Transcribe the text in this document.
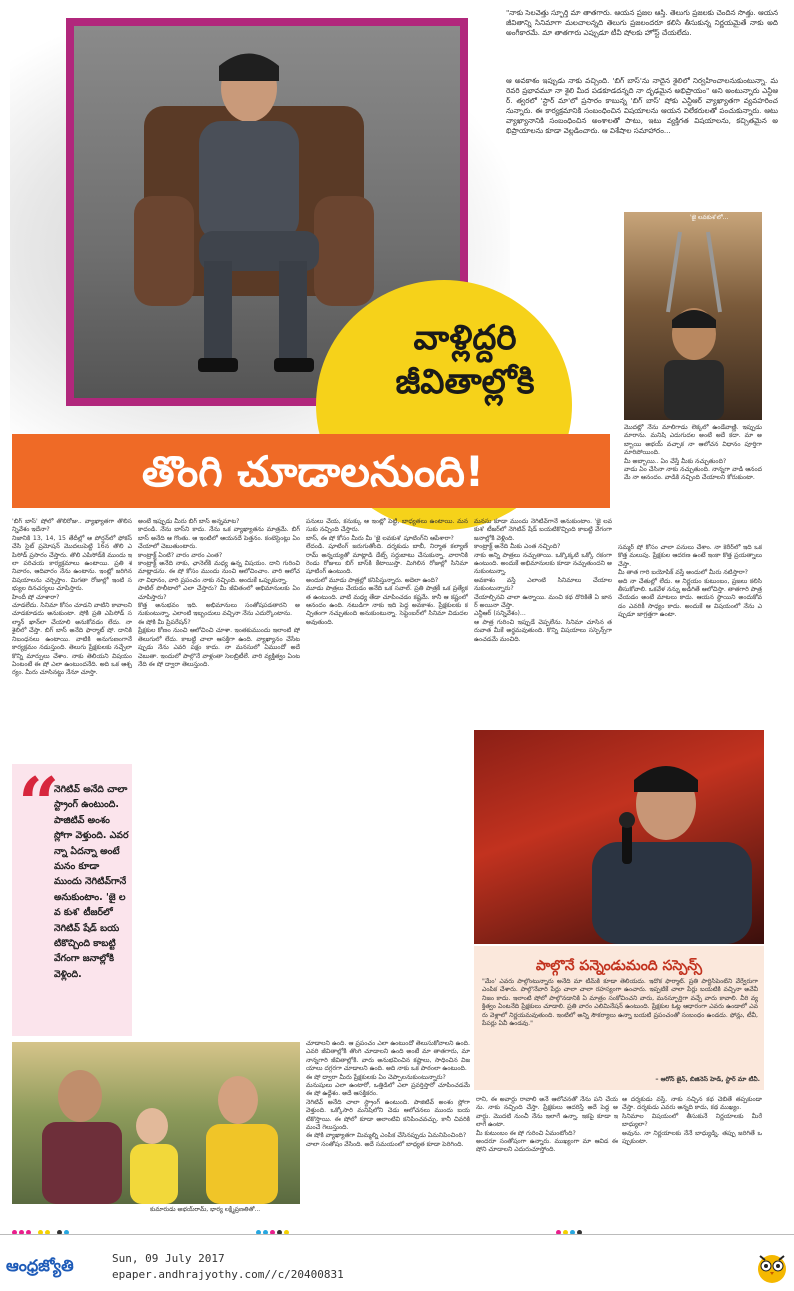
"నాకు సెలవెత్తు స్ఫూర్తి మా తాతగారు. ఆయన ప్రజల ఆస్తి. తెలుగు ప్రజలకు చెందిన సొత్తు. ఆయన జీవితాన్ని సినిమాగా మలచాలన్నది తెలుగు ప్రజలందరూ కలిసి తీసుకున్న నిర్ణయమైతే నాకు అది అంగీకారమే. మా తాతగారు ఎప్పుడూ టీవీ షోలకు హోస్ట్ చేయలేదు.
ఆ అవకాశం ఇప్పుడు నాకు వచ్చింది. 'బిగ్ బాస్'ను నాదైన శైలిలో నిర్వహించాలనుకుంటున్నా. మరెవరి ప్రభావమూ నా శైలి మీద పడకూడదన్నది నా దృఢమైన అభిప్రాయం" అని అంటున్నారు ఎన్టీఆర్. త్వరలో 'స్టార్ మా'లో ప్రసారం కాబున్న 'బిగ్ బాస్' షోకు ఎన్టీఆర్ వ్యాఖ్యాతగా వ్యవహరించనున్నారు. ఈ కార్యక్రమానికి సంబంధించిన విషయాలను ఆయన విలేకరులతో పంచుకున్నారు. ఆటు వ్యాఖ్యానానికి సంబంధించిన అంశాలతో పాటు, ఇటు వ్యక్తిగత విషయాలను, కచ్చితమైన అభిప్రాయాలను కూడా వెల్లడించారు. ఆ విశేషాల సమాహారం...
'జై లవకుశ'లో...
వాళ్లిద్దరి
జీవితాల్లోకి
తొంగి చూడాలనుంది!
'బిగ్ బాస్' షోలో తొలిరోజు.. వ్యాఖ్యాతగా తొలిసన్నివేశం ఇదేనా?
నిజానికి 13, 14, 15 తేదీల్లో ఆ పోర్షన్‌లో ఫోకస్ చేసి సైట్ ప్రమోషన్ మొదలుపెట్టి 16న తొలి ఎపిసోడ్ ప్రసారం చేస్తారు. తొలి ఎపిసోడ్‌కి ముందు ఇలా పరిచయ కార్యక్రమాలు ఉంటాయి. ప్రతి శనివారం, ఆదివారం నేను ఉంటాను. ఇంట్లో జరిగిన విషయాలను చర్చిస్తాం. మిగతా రోజుల్లో ఇంటి సభ్యుల దినచర్యలు చూపిస్తారు.
హిందీ షో చూశారా?
చూడలేదు. సినిమా కోసం చూడని వాటిని కావాలని చూడకూడదు అనుకుంటా. షోకి ప్రతి ఎపిసోడ్ సల్మాన్ ఖాన్‌లా చేయాలి అనుకోవడం లేదు. నా శైలిలో చేస్తా. బిగ్ బాస్ అనేది ఫార్మాట్ షో. దానికి నిబంధనలు ఉంటాయి. వాటికి అనుగుణంగానే కార్యక్రమం నడుస్తుంది. తెలుగు ప్రేక్షకులకు నచ్చేలా కొన్ని మార్పులు చేశాం. నాకు తెలియని విషయం ఏంటంటే ఈ షో ఎలా ఉంటుందనేది. అది ఒక ఆశ్చర్యం. మీరు చూసినట్టు నేనూ చూస్తా.
అంటే ఇప్పుడు మీరు బిగ్ బాస్ అన్నమాట?
కాదండి. నేను బాస్‌ని కాదు. నేను ఒక వ్యాఖ్యాతను మాత్రమే. బిగ్ బాస్ అనేది ఆ గొంతు. ఆ ఇంటిలో ఆయనదే పెత్తనం. కంటెస్టెంట్లు ఏం చేయాలో చెబుతుంటారు.
కాంట్రాక్ట్ ఏంటి? వారం వారం ఎంత?
కాంట్రాక్ట్ అనేది నాకు, ఛానెల్‌కి మధ్య ఉన్న విషయం. దాని గురించి మాట్లాడను. ఈ షో కోసం ముందు నుంచి ఆలోచించాం. వారి ఆలోచనా విధానం, వారి ప్రపంచం నాకు నచ్చింది. అందుకే ఒప్పుకున్నా.
పాటిల్ పొలీటాలో ఎలా చేస్తారు? మీ జీవితంలో అభిమానులకు ఏం చూపిస్తారు?
కొత్త అనుభవం ఇది. అభిమానులు సంతోషపడతారని అనుకుంటున్నా. ఎలాంటి ఇబ్బందులు వచ్చినా నేను ఎదుర్కొంటాను.
ఈ షోకి మీ ప్రిపరేషన్?
ప్రేక్షకుల కోణం నుంచి ఆలోచించి చూశా. ఇంతకుముందు ఇలాంటి షో తెలుగులో లేదు. కాబట్టి చాలా ఆసక్తిగా ఉంది. వ్యాఖ్యానం చేసేటప్పుడు నేను ఎవరి పక్షం కాదు. నా మనసులో ఏముందో అదే చెబుతా. ఇందులో పాల్గొనే వాళ్లంతా సెలబ్రిటీలే. వారి వ్యక్తిత్వం ఏంటనేది ఈ షో ద్వారా తెలుస్తుంది.
పనులు చేయ, కనుక్కు ఆ ఇంట్లో పెట్టి, బాధ్యతలు ఉంటాయి. మనసుకు నచ్చింది చేస్తారు.
బాస్, ఈ షో కోసం మీరు మీ 'జై లవకుశ' షూటింగ్‌ని ఆపేశారా?
లేదండి. షూటింగ్ జరుగుతోంది. దర్శకుడు బాబీ, నిర్మాత కల్యాణ్ రామ్ అన్నయ్యతో మాట్లాడి డేట్స్ సర్దుబాటు చేసుకున్నా. వారానికి రెండు రోజులు బిగ్ బాస్‌కి కేటాయిస్తా. మిగిలిన రోజుల్లో సినిమా షూటింగ్ ఉంటుంది.
అందులో మూడు పాత్రల్లో కనిపిస్తున్నారు. అదెలా ఉంది?
మూడు పాత్రలు చేయడం అనేది ఒక సవాల్. ప్రతి పాత్రకీ ఒక ప్రత్యేకత ఉంటుంది. వాటి మధ్య తేడా చూపించడం కష్టమే. కానీ ఆ కష్టంలో ఆనందం ఉంది. నటుడిగా నాకు ఇది పెద్ద అవకాశం. ప్రేక్షకులకు కచ్చితంగా నచ్చుతుంది అనుకుంటున్నా. సెప్టెంబర్‌లో సినిమా విడుదల అవుతుంది.
మనసు కూడా ముందు నెగిటివ్‌గానే అనుకుంటాం. 'జై లవకుశ' టీజర్‌లో నెగిటివ్ షేడ్ బయటికొచ్చింది కాబట్టి వేగంగా జనాల్లోకి వెళ్లింది.
కాంట్రాక్ట్ అనేది మీకు ఎంత నచ్చింది?
నాకు అన్ని పాత్రలు నచ్చుతాయి. ఒక్కొక్కటి ఒక్కో రకంగా ఉంటుంది. అందుకే అభిమానులకు కూడా నచ్చుతుందని అనుకుంటున్నా.
అవకాశం వస్తే ఎలాంటి సినిమాలు చేయాలనుకుంటున్నారు?
చేయాల్సినవి చాలా ఉన్నాయి. మంచి కథ దొరికితే ఏ జానర్ అయినా చేస్తా.
ఎన్టీఆర్ (సన్నివేశం)...
ఆ పాత్ర గురించి ఇప్పుడే చెప్పలేను. సినిమా చూసిన తరువాత మీకే అర్థమవుతుంది. కొన్ని విషయాలు సస్పెన్స్‌గా ఉంచడమే మంచిది.
మొదట్లో నేను మాలిగాడు లెక్కలో ఉండేవాణ్ణి. ఇప్పుడు మారాను. మనిషి ఎదుగుదల అంటే అదే కదా. మా అబ్బాయి అభయ్ వచ్చాక నా ఆలోచన విధానం పూర్తిగా మారిపోయింది.
మీ అబ్బాయి.. ఏం చేస్తే మీకు నచ్చుతుంది?
వాడు ఏం చేసినా నాకు నచ్చుతుంది. నాన్నగా వాడి ఆనందమే నా ఆనందం. వాడికి నచ్చింది చేయాలని కోరుకుంటా.
సమ్మర్ షో కోసం చాలా పనులు చేశాం. నా కెరీర్‌లో ఇది ఒక కొత్త మలుపు. ప్రేక్షకుల ఆదరణ ఉంటే ఇంకా కొత్త ప్రయత్నాలు చేస్తా.
మీ తాత గారి బయోపిక్ వస్తే అందులో మీరు నటిస్తారా?
అది నా చేతుల్లో లేదు. ఆ నిర్ణయం కుటుంబం, ప్రజలు కలిసి తీసుకోవాలి. ఒకవేళ నన్ను అడిగితే ఆలోచిస్తా. తాతగారి పాత్ర చేయడం అంటే మాటలు కాదు. ఆయన స్థాయిని అందుకోవడం ఎవరికీ సాధ్యం కాదు. అందుకే ఆ విషయంలో నేను ఎప్పుడూ జాగ్రత్తగా ఉంటా.
“
నెగిటివ్ అనేది చాలా స్ట్రాంగ్ ఉంటుంది. పాజిటివ్ అంశం స్లోగా వెళ్తుంది. ఎవరన్నా ఏదన్నా అంటే మనం కూడా ముందు నెగిటివ్‌గానే అనుకుంటాం. 'జై లవ కుశ' టీజర్‌లో నెగిటివ్ షేడ్ బయటికొచ్చింది కాబట్టి వేగంగా జనాల్లోకి వెళ్లింది.
పాల్గొనే పన్నెండుమంది సస్పెన్స్
"మేం' ఎవరు పాల్గొంటున్నారు అనేది మా టీమ్‌కి కూడా తెలియదు. ఇదొక ఫార్మాట్. ప్రతి పార్టిసిపెంట్‌ని వేర్వేరుగా ఎంపిక చేశారు. పాల్గొనేవారి పేర్లు చాలా చాలా రహస్యంగా ఉంచారు. ఇప్పటికే చాలా పేర్లు బయటికి వచ్చినా అవేవీ నిజం కాదు. ఇలాంటి షోలో పాల్గొనడానికి ఏ మాత్రం సంకోచించని వారు, మనస్ఫూర్తిగా వచ్చే వారు కావాలి. వీరి వ్యక్తిత్వం ఏంటనేది ప్రేక్షకులు చూడాలి. ప్రతి వారం ఎలిమినేషన్ ఉంటుంది. ప్రేక్షకుల ఓట్ల ఆధారంగా ఎవరు ఉండాలో ఎవరు వెళ్లాలో నిర్ణయమవుతుంది. ఇంటిలో అన్ని సౌకర్యాలు ఉన్నా బయటి ప్రపంచంతో సంబంధం ఉండదు. ఫోన్లు, టీవీ, పేపర్లు ఏవీ ఉండవు."
– ఆరోన్ జైన్, బిజినెస్ హెడ్, స్టార్ మా టీవీ.
కుమారుడు అభయ్‌రామ్, భార్య లక్ష్మీప్రణతితో...
చూడాలని ఉంది. ఆ ప్రపంచం ఎలా ఉంటుందో తెలుసుకోవాలని ఉంది. ఎవరి జీవితాల్లోకి తొంగి చూడాలని ఉంది అంటే మా తాతగారు, మా నాన్నగారి జీవితాల్లోకి. వారు అనుభవించిన కష్టాలు, సాధించిన విజయాలు దగ్గరగా చూడాలని ఉంది. అది నాకు ఒక పాఠంలా ఉంటుంది.
ఈ షో ద్వారా మీరు ప్రేక్షకులకు ఏం చెప్పాలనుకుంటున్నారు?
మనుషులు ఎలా ఉంటారో, ఒత్తిడిలో ఎలా ప్రవర్తిస్తారో చూపించడమే ఈ షో ఉద్దేశం. అదే ఆసక్తికరం.
నెగిటివ్ అనేది చాలా స్ట్రాంగ్ ఉంటుంది. పాజిటివ్ అంశం స్లోగా వెళ్తుంది. ఒక్కోసారి మనిషిలోని చెడు ఆలోచనలు ముందు బయటికొస్తాయి. ఈ షోలో కూడా అలాంటివి కనిపించవచ్చు. కానీ చివరికి మంచే గెలుస్తుంది.
ఈ షోకి వ్యాఖ్యాతగా మిమ్మల్ని ఎంపిక చేసినప్పుడు ఏమనిపించింది?
చాలా సంతోషం వేసింది. అదే సమయంలో బాధ్యత కూడా పెరిగింది.
రాని, ఈ అవార్డు రావాలి అనే ఆలోచనతో నేను పని చేయను. నాకు నచ్చింది చేస్తా. ప్రేక్షకులు ఆదరిస్తే అదే పెద్ద అవార్డు. మొదటి నుంచీ నేను ఇలాగే ఉన్నా. ఇకపై కూడా ఇలాగే ఉంటా.
మీ కుటుంబం ఈ షో గురించి ఏమంటోంది?
అందరూ సంతోషంగా ఉన్నారు. ముఖ్యంగా మా ఆవిడ ఈ షోని చూడాలని ఎదురుచూస్తోంది.
ఆ దర్శకుడు వస్తే, నాకు నచ్చిన కథ చెబితే తప్పకుండా చేస్తా. దర్శకుడు ఎవరు అన్నది కాదు, కథ ముఖ్యం.
సినిమాల విషయంలో తీసుకునే నిర్ణయాలకు మీరే బాధ్యులా?
అవును. నా నిర్ణయాలకు నేనే బాధ్యుడ్ని. తప్పు జరిగితే ఒప్పుకుంటా.

ఆంధ్రజ్యోతి	Sun, 09 July 2017
epaper.andhrajyothy.com//c/20400831
